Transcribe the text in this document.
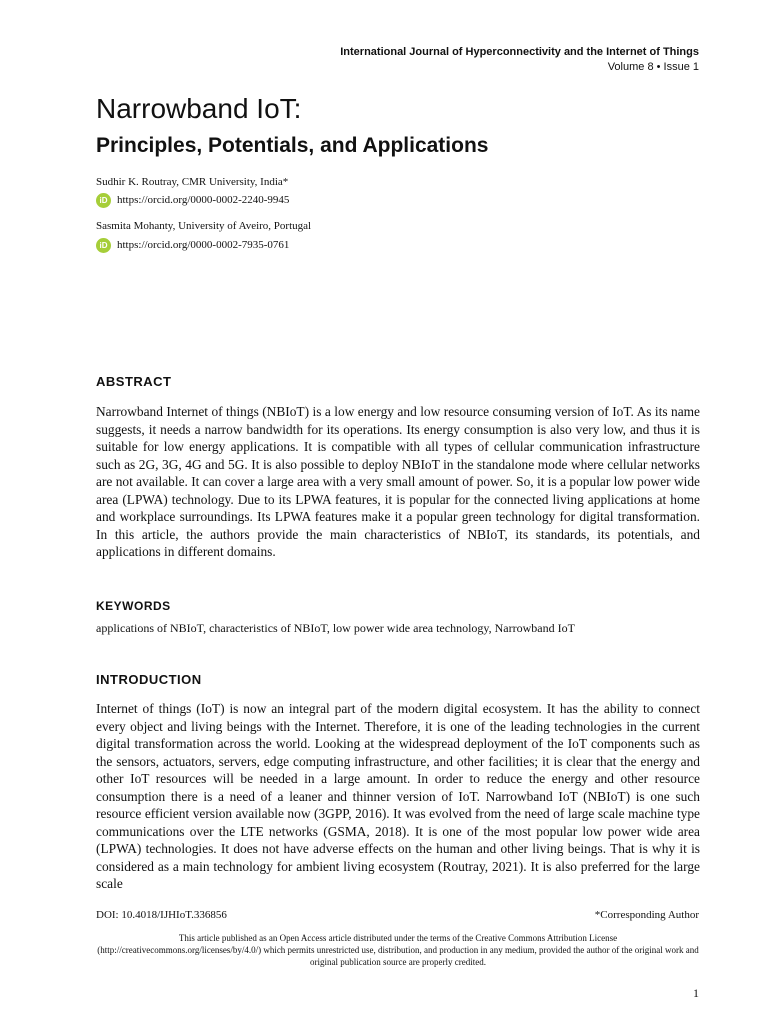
International Journal of Hyperconnectivity and the Internet of Things
Volume 8 • Issue 1
Narrowband IoT:
Principles, Potentials, and Applications
Sudhir K. Routray, CMR University, India*
iD https://orcid.org/0000-0002-2240-9945
Sasmita Mohanty, University of Aveiro, Portugal
iD https://orcid.org/0000-0002-7935-0761
ABSTRACT

Narrowband Internet of things (NBIoT) is a low energy and low resource consuming version of IoT. As its name suggests, it needs a narrow bandwidth for its operations. Its energy consumption is also very low, and thus it is suitable for low energy applications. It is compatible with all types of cellular communication infrastructure such as 2G, 3G, 4G and 5G. It is also possible to deploy NBIoT in the standalone mode where cellular networks are not available. It can cover a large area with a very small amount of power. So, it is a popular low power wide area (LPWA) technology. Due to its LPWA features, it is popular for the connected living applications at home and workplace surroundings. Its LPWA features make it a popular green technology for digital transformation. In this article, the authors provide the main characteristics of NBIoT, its standards, its potentials, and applications in different domains.

KEYWORDS

applications of NBIoT, characteristics of NBIoT, low power wide area technology, Narrowband IoT

INTRODUCTION

Internet of things (IoT) is now an integral part of the modern digital ecosystem. It has the ability to connect every object and living beings with the Internet. Therefore, it is one of the leading technologies in the current digital transformation across the world. Looking at the widespread deployment of the IoT components such as the sensors, actuators, servers, edge computing infrastructure, and other facilities; it is clear that the energy and other IoT resources will be needed in a large amount. In order to reduce the energy and other resource consumption there is a need of a leaner and thinner version of IoT. Narrowband IoT (NBIoT) is one such resource efficient version available now (3GPP, 2016). It was evolved from the need of large scale machine type communications over the LTE networks (GSMA, 2018). It is one of the most popular low power wide area (LPWA) technologies. It does not have adverse effects on the human and other living beings. That is why it is considered as a main technology for ambient living ecosystem (Routray, 2021). It is also preferred for the large scale

DOI: 10.4018/IJHIoT.336856	*Corresponding Author
This article published as an Open Access article distributed under the terms of the Creative Commons Attribution License (http://creativecommons.org/licenses/by/4.0/) which permits unrestricted use, distribution, and production in any medium, provided the author of the original work and original publication source are properly credited.
1
